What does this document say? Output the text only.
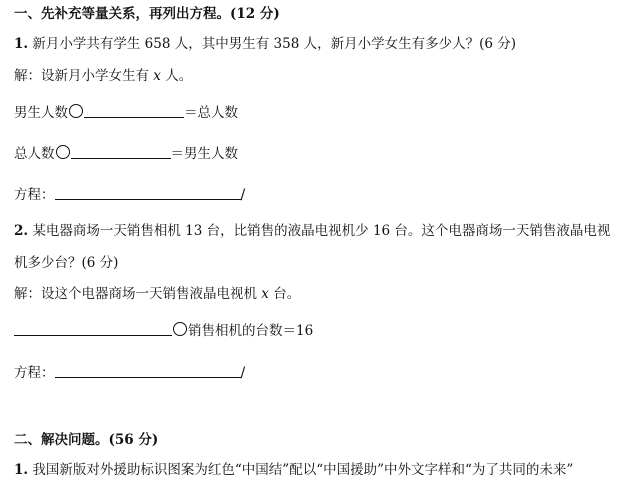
一、先补充等量关系，再列出方程。(12 分)
1. 新月小学共有学生 658 人，其中男生有 358 人，新月小学女生有多少人？(6 分)
解：设新月小学女生有 x 人。
男生人数	＝总人数
总人数	＝男生人数
方程：	/
2. 某电器商场一天销售相机 13 台，比销售的液晶电视机少 16 台。这个电器商场一天销售液晶电视
机多少台？(6 分)
解：设这个电器商场一天销售液晶电视机 x 台。
销售相机的台数＝16
方程：	/
二、解决问题。(56 分)
1. 我国新版对外援助标识图案为红色“中国结”配以“中国援助”中外文字样和“为了共同的未来”
